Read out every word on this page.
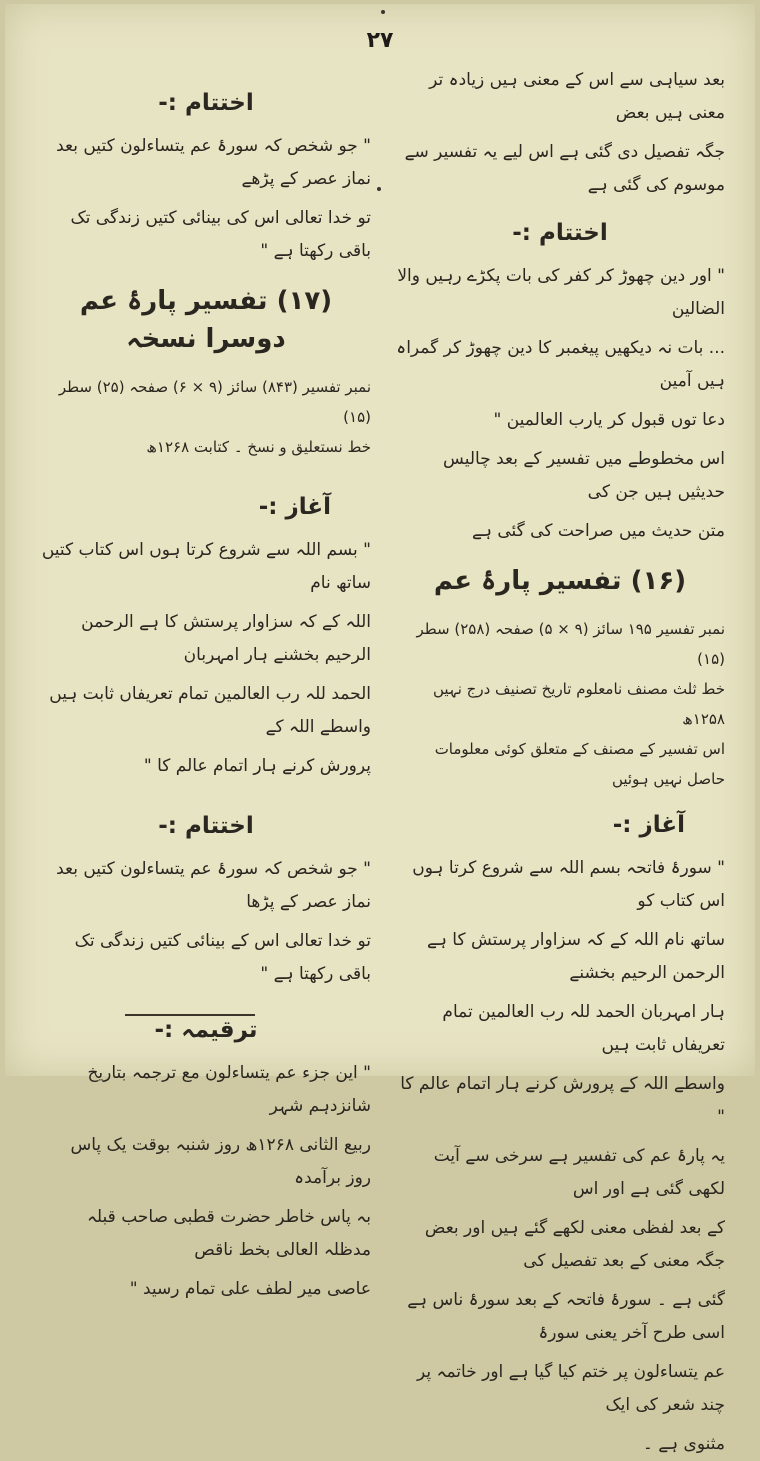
۲۷

بعد سیاہی سے اس کے معنی ہیں زیادہ تر معنی ہیں بعض

جگہ تفصیل دی گئی ہے اس لیے یہ تفسیر سے موسوم کی گئی ہے

اختتام :-

" اور دین چھوڑ کر کفر کی بات پکڑے رہیں والا الضالین

... بات نہ دیکھیں پیغمبر کا دین چھوڑ کر گمراہ ہیں آمین

دعا توں قبول کر یارب العالمین "

اس مخطوطے میں تفسیر کے بعد چالیس حدیثیں ہیں جن کی

متن حدیث میں صراحت کی گئی ہے

(۱۶) تفسیر پارۂ عم

نمبر تفسیر ۱۹۵ سائز (۹ × ۵) صفحہ (۲۵۸) سطر (۱۵)

خط ثلث مصنف نامعلوم تاریخ تصنیف درج نہیں ۱۲۵۸ھ

اس تفسیر کے مصنف کے متعلق کوئی معلومات حاصل نہیں ہوئیں

آغاز :-

" سورۂ فاتحہ بسم اللہ سے شروع کرتا ہوں اس کتاب کو

ساتھ نام اللہ کے کہ سزاوار پرستش کا ہے الرحمن الرحیم بخشنے

ہار امہربان الحمد للہ رب العالمین تمام تعریفاں ثابت ہیں

واسطے اللہ کے پرورش کرنے ہار اتمام عالم کا "

یہ پارۂ عم کی تفسیر ہے سرخی سے آیت لکھی گئی ہے اور اس

کے بعد لفظی معنی لکھے گئے ہیں اور بعض جگہ معنی کے بعد تفصیل کی

گئی ہے ۔ سورۂ فاتحہ کے بعد سورۂ ناس ہے اسی طرح آخر یعنی سورۂ

عم یتساءلون پر ختم کیا گیا ہے اور خاتمہ پر چند شعر کی ایک

مثنوی ہے ۔

اختتام :-

" جو شخص کہ سورۂ عم یتساءلون کتیں بعد نماز عصر کے پڑھے

تو خدا تعالی اس کی بینائی کتیں زندگی تک باقی رکھتا ہے "

(۱۷) تفسیر پارۂ عم دوسرا نسخہ

نمبر تفسیر (۸۴۳) سائز (۹ × ۶) صفحہ (۲۵) سطر (۱۵)

خط نستعلیق و نسخ ۔ کتابت ۱۲۶۸ھ

آغاز :-

" بسم اللہ سے شروع کرتا ہوں اس کتاب کتیں ساتھ نام

اللہ کے کہ سزاوار پرستش کا ہے الرحمن الرحیم بخشنے ہار امہربان

الحمد للہ رب العالمین تمام تعریفاں ثابت ہیں واسطے اللہ کے

پرورش کرنے ہار اتمام عالم کا "

اختتام :-

" جو شخص کہ سورۂ عم یتساءلون کتیں بعد نماز عصر کے پڑھا

تو خدا تعالی اس کے بینائی کتیں زندگی تک باقی رکھتا ہے "

ترقیمہ :-

" این جزء عم یتساءلون مع ترجمہ بتاریخ شانزدہم شہر

ربیع الثانی ۱۲۶۸ھ روز شنبہ بوقت یک پاس روز برآمدہ

بہ پاس خاطر حضرت قطبی صاحب قبلہ مدظلہ العالی بخط ناقص

عاصی میر لطف علی تمام رسید "
